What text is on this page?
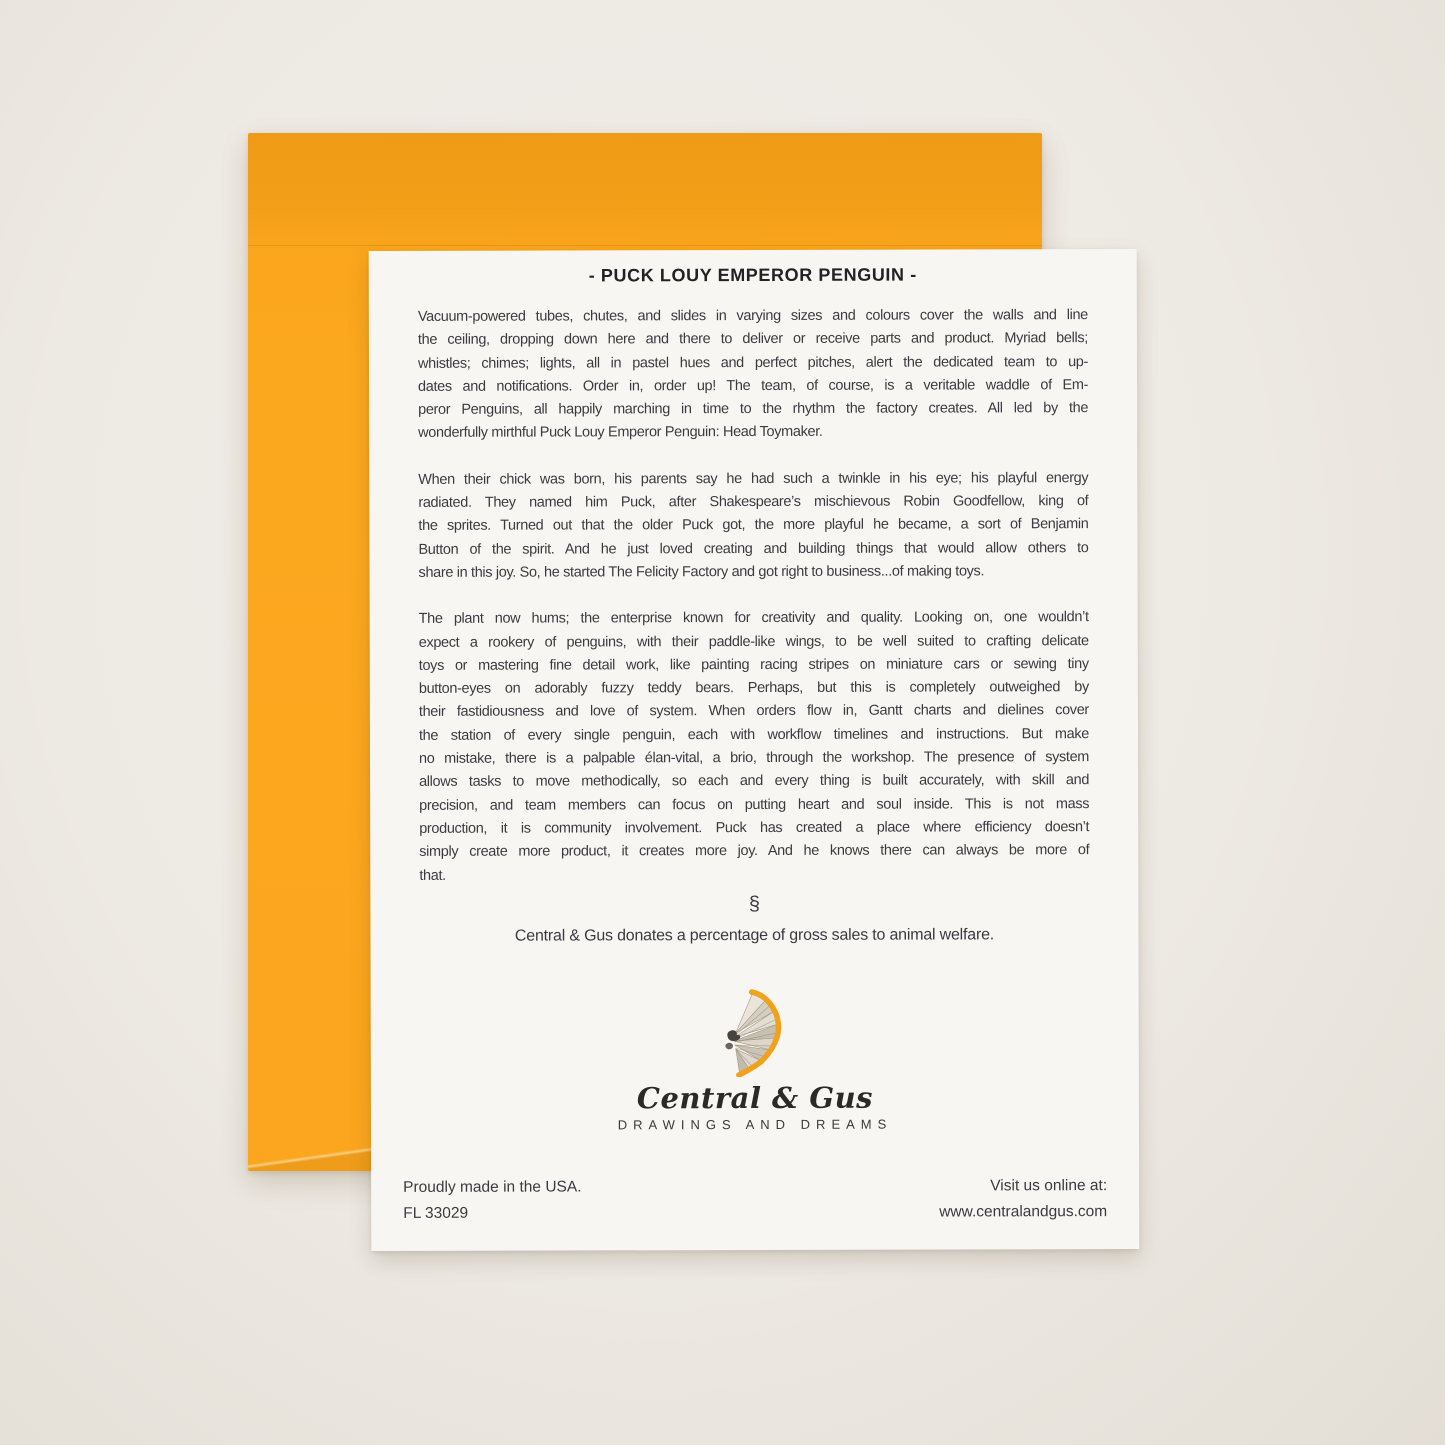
- PUCK LOUY EMPEROR PENGUIN -
Vacuum-powered tubes, chutes, and slides in varying sizes and colours cover the walls and line
the ceiling, dropping down here and there to deliver or receive parts and product. Myriad bells;
whistles; chimes; lights, all in pastel hues and perfect pitches, alert the dedicated team to up-
dates and notifications. Order in, order up! The team, of course, is a veritable waddle of Em-
peror Penguins, all happily marching in time to the rhythm the factory creates. All led by the
wonderfully mirthful Puck Louy Emperor Penguin: Head Toymaker.
When their chick was born, his parents say he had such a twinkle in his eye; his playful energy
radiated. They named him Puck, after Shakespeare’s mischievous Robin Goodfellow, king of
the sprites. Turned out that the older Puck got, the more playful he became, a sort of Benjamin
Button of the spirit. And he just loved creating and building things that would allow others to
share in this joy. So, he started The Felicity Factory and got right to business...of making toys.
The plant now hums; the enterprise known for creativity and quality. Looking on, one wouldn’t
expect a rookery of penguins, with their paddle-like wings, to be well suited to crafting delicate
toys or mastering fine detail work, like painting racing stripes on miniature cars or sewing tiny
button-eyes on adorably fuzzy teddy bears. Perhaps, but this is completely outweighed by
their fastidiousness and love of system. When orders flow in, Gantt charts and dielines cover
the station of every single penguin, each with workflow timelines and instructions. But make
no mistake, there is a palpable élan-vital, a brio, through the workshop. The presence of system
allows tasks to move methodically, so each and every thing is built accurately, with skill and
precision, and team members can focus on putting heart and soul inside. This is not mass
production, it is community involvement. Puck has created a place where efficiency doesn’t
simply create more product, it creates more joy. And he knows there can always be more of
that.
§
Central & Gus donates a percentage of gross sales to animal welfare.
Central & Gus
DRAWINGS AND DREAMS
Proudly made in the USA.
FL 33029
Visit us online at:
www.centralandgus.com
